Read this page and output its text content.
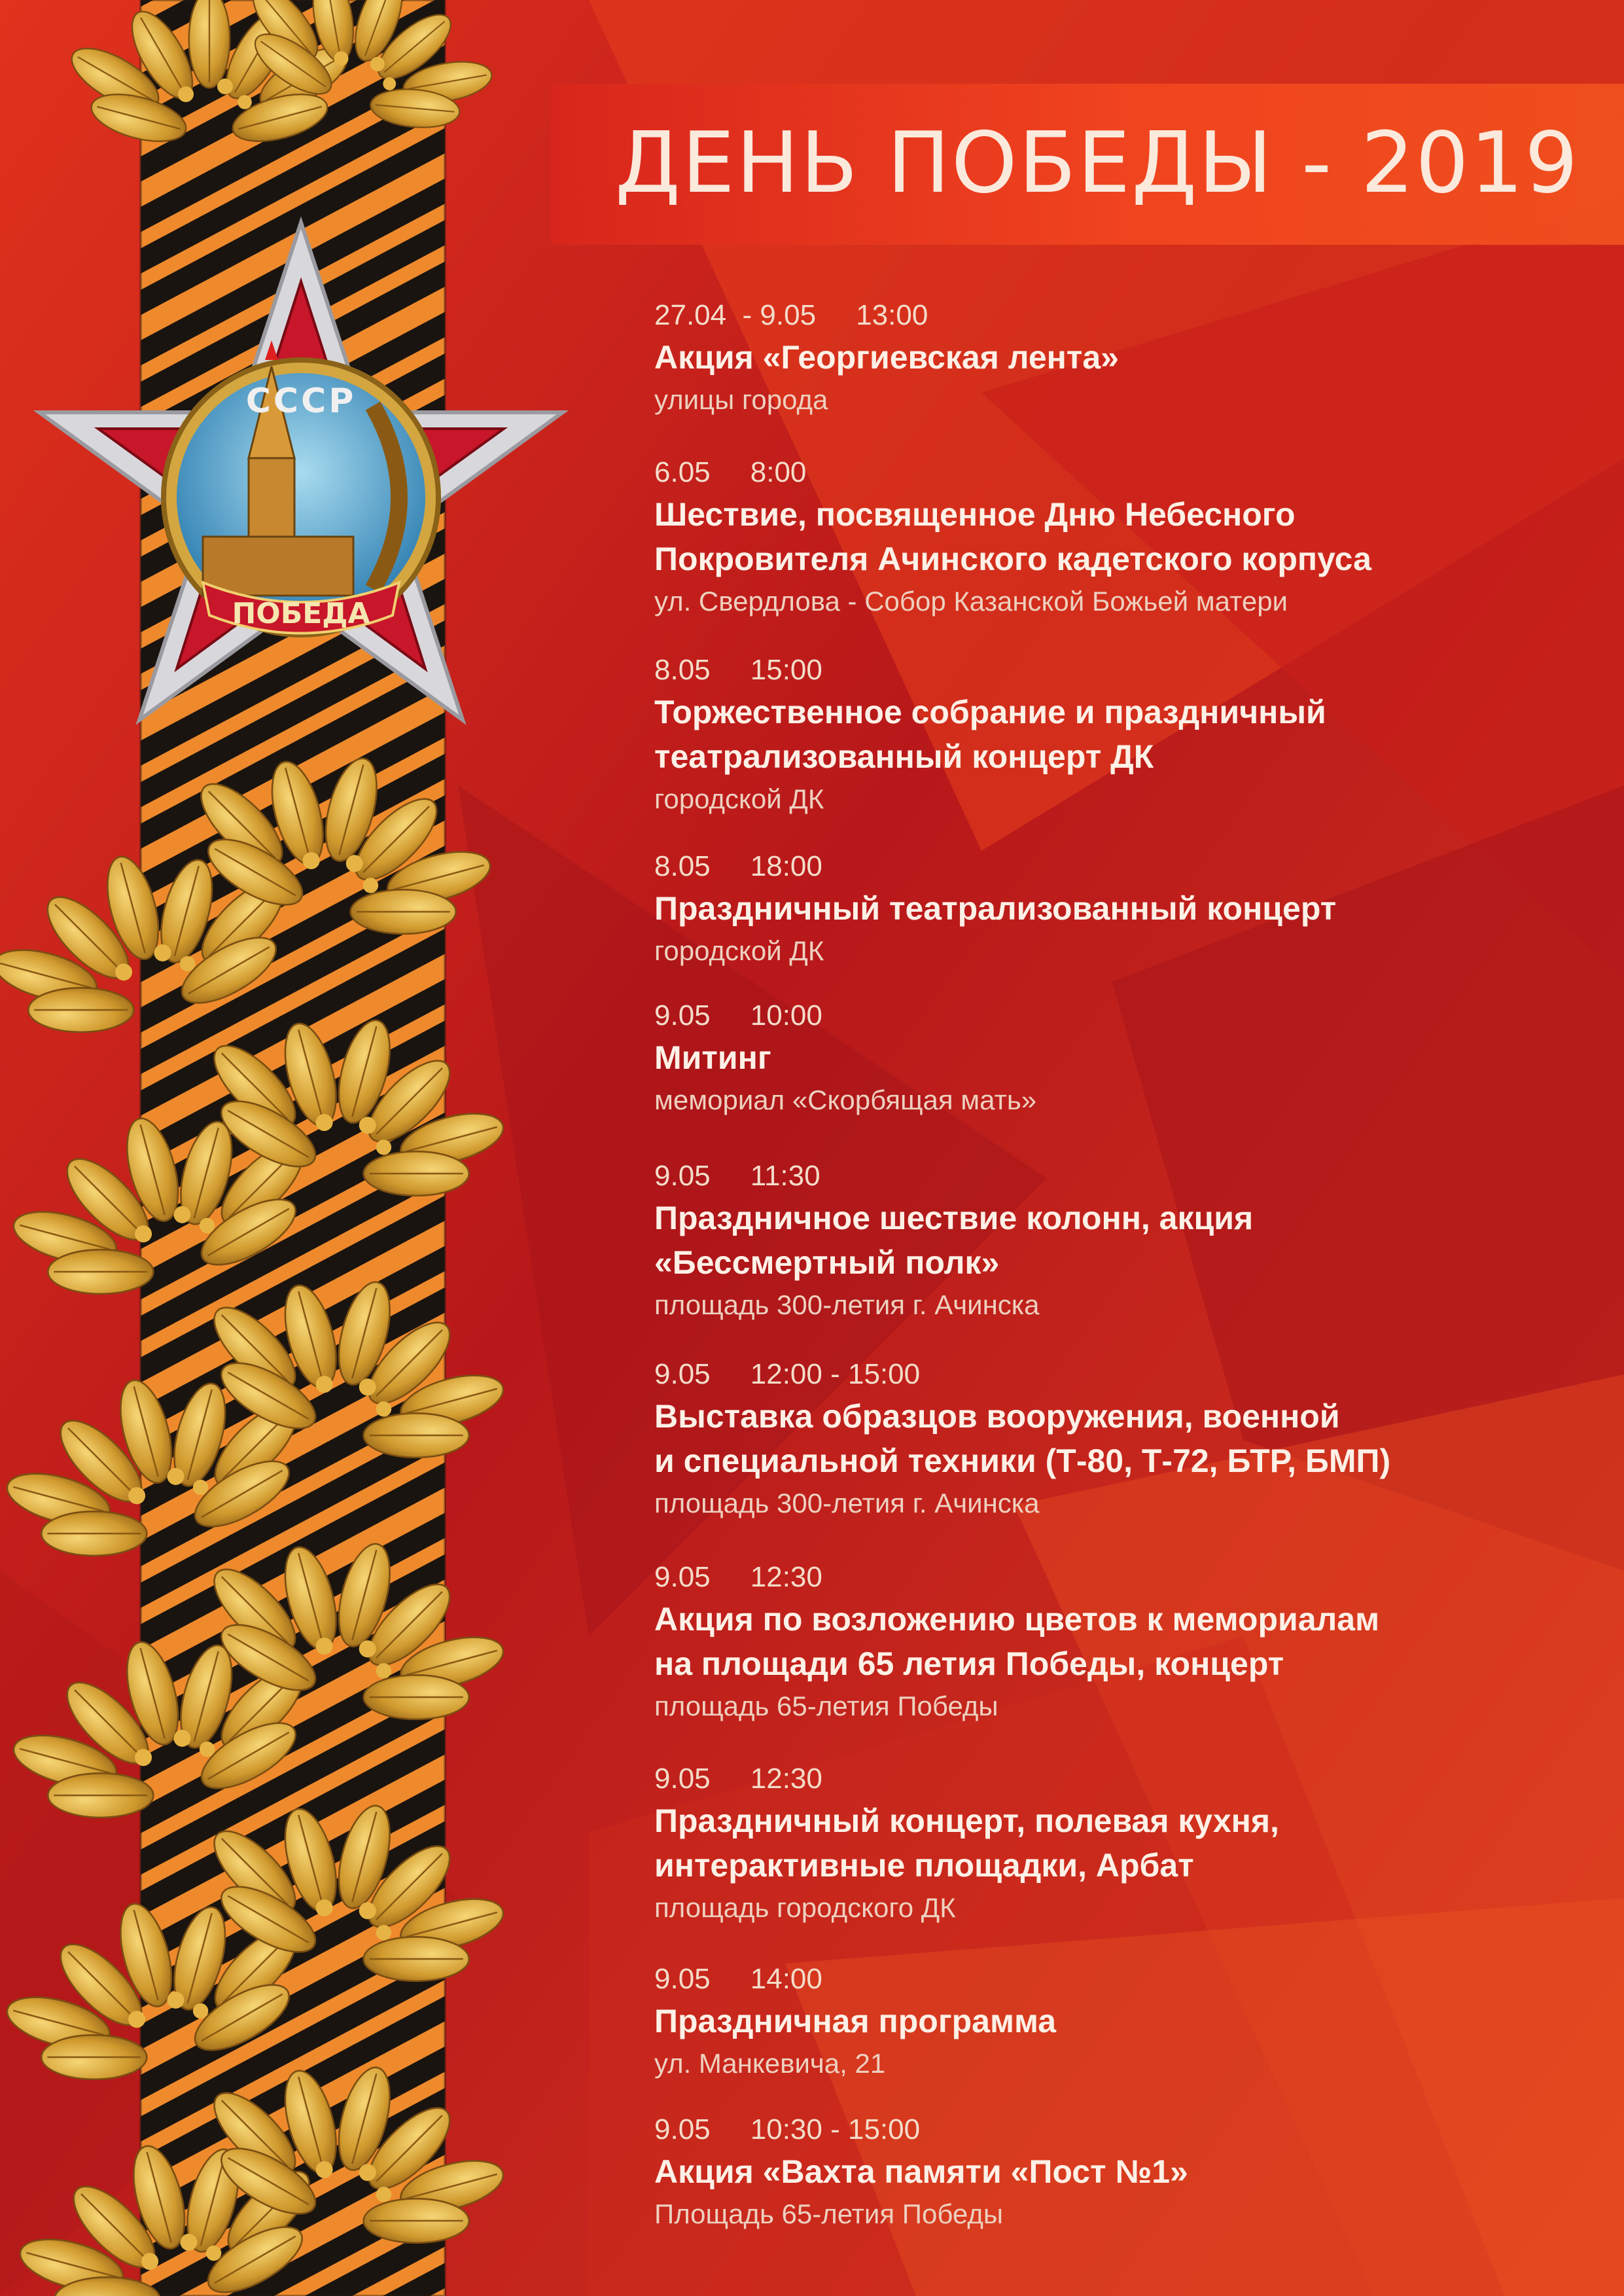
ПОБЕДА
СССР
ДЕНЬ ПОБЕДЫ - 2019
27.04  - 9.05     13:00
Акция «Георгиевская лента»
улицы города
6.05     8:00
Шествие, посвященное Дню Небесного
Покровителя Ачинского кадетского корпуса
ул. Свердлова - Собор Казанской Божьей матери
8.05     15:00
Торжественное собрание и праздничный
театрализованный концерт ДК
городской ДК
8.05     18:00
Праздничный театрализованный концерт
городской ДК
9.05     10:00
Митинг
мемориал «Скорбящая мать»
9.05     11:30
Праздничное шествие колонн, акция
«Бессмертный полк»
площадь 300-летия г. Ачинска
9.05     12:00 - 15:00
Выставка образцов вооружения, военной
и специальной техники (Т-80, Т-72, БТР, БМП)
площадь 300-летия г. Ачинска
9.05     12:30
Акция по возложению цветов к мемориалам
на площади 65 летия Победы, концерт
площадь 65-летия Победы
9.05     12:30
Праздничный концерт, полевая кухня,
интерактивные площадки, Арбат
площадь городского ДК
9.05     14:00
Праздничная программа
ул. Манкевича, 21
9.05     10:30 - 15:00
Акция «Вахта памяти «Пост №1»
Площадь 65-летия Победы
